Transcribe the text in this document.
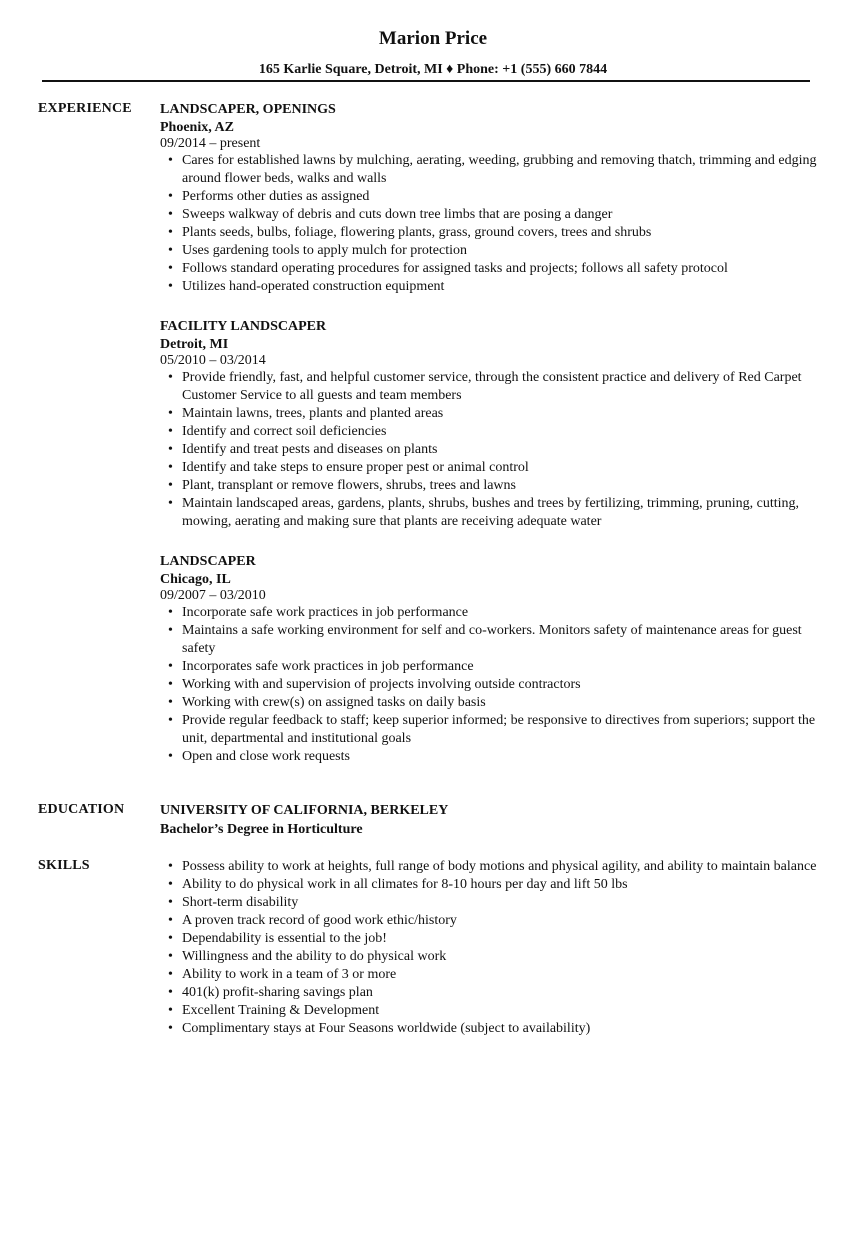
Marion Price
165 Karlie Square, Detroit, MI ♦ Phone: +1 (555) 660 7844
EXPERIENCE LANDSCAPER, OPENINGS
Phoenix, AZ
09/2014 – present
• Cares for established lawns by mulching, aerating, weeding, grubbing and removing thatch, trimming and edging around flower beds, walks and walls
• Performs other duties as assigned
• Sweeps walkway of debris and cuts down tree limbs that are posing a danger
• Plants seeds, bulbs, foliage, flowering plants, grass, ground covers, trees and shrubs
• Uses gardening tools to apply mulch for protection
• Follows standard operating procedures for assigned tasks and projects; follows all safety protocol
• Utilizes hand-operated construction equipment
FACILITY LANDSCAPER
Detroit, MI
05/2010 – 03/2014
• Provide friendly, fast, and helpful customer service, through the consistent practice and delivery of Red Carpet Customer Service to all guests and team members
• Maintain lawns, trees, plants and planted areas
• Identify and correct soil deficiencies
• Identify and treat pests and diseases on plants
• Identify and take steps to ensure proper pest or animal control
• Plant, transplant or remove flowers, shrubs, trees and lawns
• Maintain landscaped areas, gardens, plants, shrubs, bushes and trees by fertilizing, trimming, pruning, cutting, mowing, aerating and making sure that plants are receiving adequate water
LANDSCAPER
Chicago, IL
09/2007 – 03/2010
• Incorporate safe work practices in job performance
• Maintains a safe working environment for self and co-workers. Monitors safety of maintenance areas for guest safety
• Incorporates safe work practices in job performance
• Working with and supervision of projects involving outside contractors
• Working with crew(s) on assigned tasks on daily basis
• Provide regular feedback to staff; keep superior informed; be responsive to directives from superiors; support the unit, departmental and institutional goals
• Open and close work requests
EDUCATION	UNIVERSITY OF CALIFORNIA, BERKELEY
Bachelor’s Degree in Horticulture
SKILLS
•	Possess ability to work at heights, full range of body motions and physical agility, and ability to maintain balance
• Ability to do physical work in all climates for 8-10 hours per day and lift 50 lbs
• Short-term disability
• A proven track record of good work ethic/history
• Dependability is essential to the job!
• Willingness and the ability to do physical work
• Ability to work in a team of 3 or more
• 401(k) profit-sharing savings plan
• Excellent Training & Development
• Complimentary stays at Four Seasons worldwide (subject to availability)
